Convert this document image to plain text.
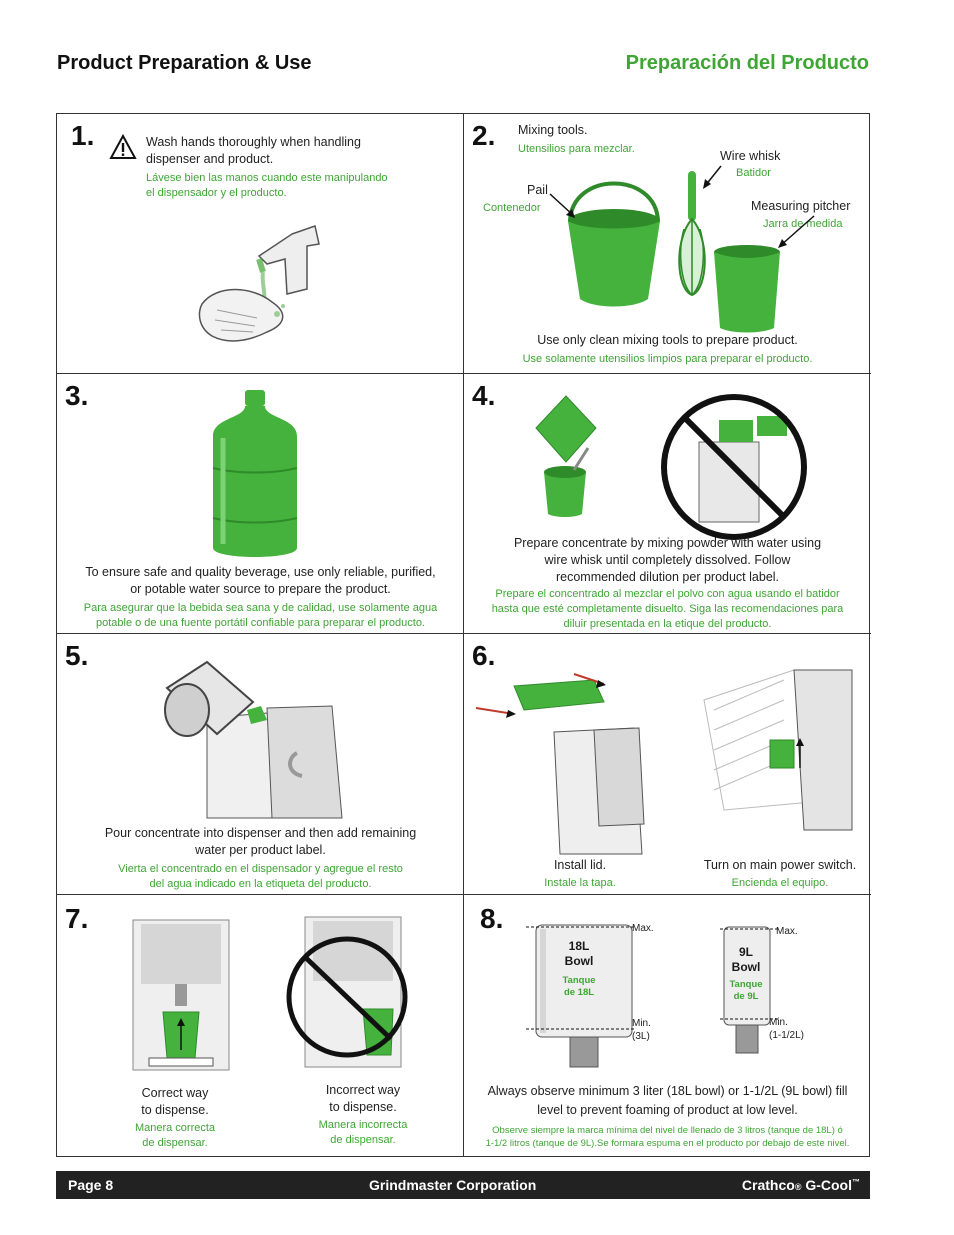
Product Preparation & Use	Preparación del Producto
1.	Wash hands thoroughly when handling
dispenser and product.
Lávese bien las manos cuando este manipulando
el dispensador y el producto.
2. Mixing tools.
Utensilios para mezclar.	Wire whisk
Batidor
Pail
Contenedor	Measuring pitcher
Jarra de medida
Use only clean mixing tools to prepare product.
Use solamente utensilios limpios para preparar el producto.
3.
To ensure safe and quality beverage, use only reliable, purified,
or potable water source to prepare the product.
Para asegurar que la bebida sea sana y de calidad, use solamente agua
potable o de una fuente portátil confiable para preparar el producto.
4.
Prepare concentrate by mixing powder with water using
wire whisk until completely dissolved. Follow
recommended dilution per product label.
Prepare el concentrado al mezclar el polvo con agua usando el batidor
hasta que esté completamente disuelto. Siga las recomendaciones para
diluir presentada en la etique del producto.
5.
Pour concentrate into dispenser and then add remaining
water per product label.
Vierta el concentrado en el dispensador y agregue el resto
del agua indicado en la etiqueta del producto.
6.
Install lid.
Instale la tapa.
Turn on main power switch.
Encienda el equipo.
7.
Correct way
to dispense.
Manera correcta
de dispensar.
Incorrect way
to dispense.
Manera incorrecta
de dispensar.
8.
18L
Bowl
Tanque
de 18L
9L
Bowl
Tanque
de 9L
Max.
Min.
(3L)
Max.
Min.
(1-1/2L)
Always observe minimum 3 liter (18L bowl) or 1-1/2L (9L bowl) fill
level to prevent foaming of product at low level.
Observe siempre la marca mínima del nivel de llenado de 3 litros (tanque de 18L) ó
1-1/2 litros (tanque de 9L).Se formara espuma en el producto por debajo de este nivel.
Page 8	Grindmaster Corporation	Crathco® G-Cool™
